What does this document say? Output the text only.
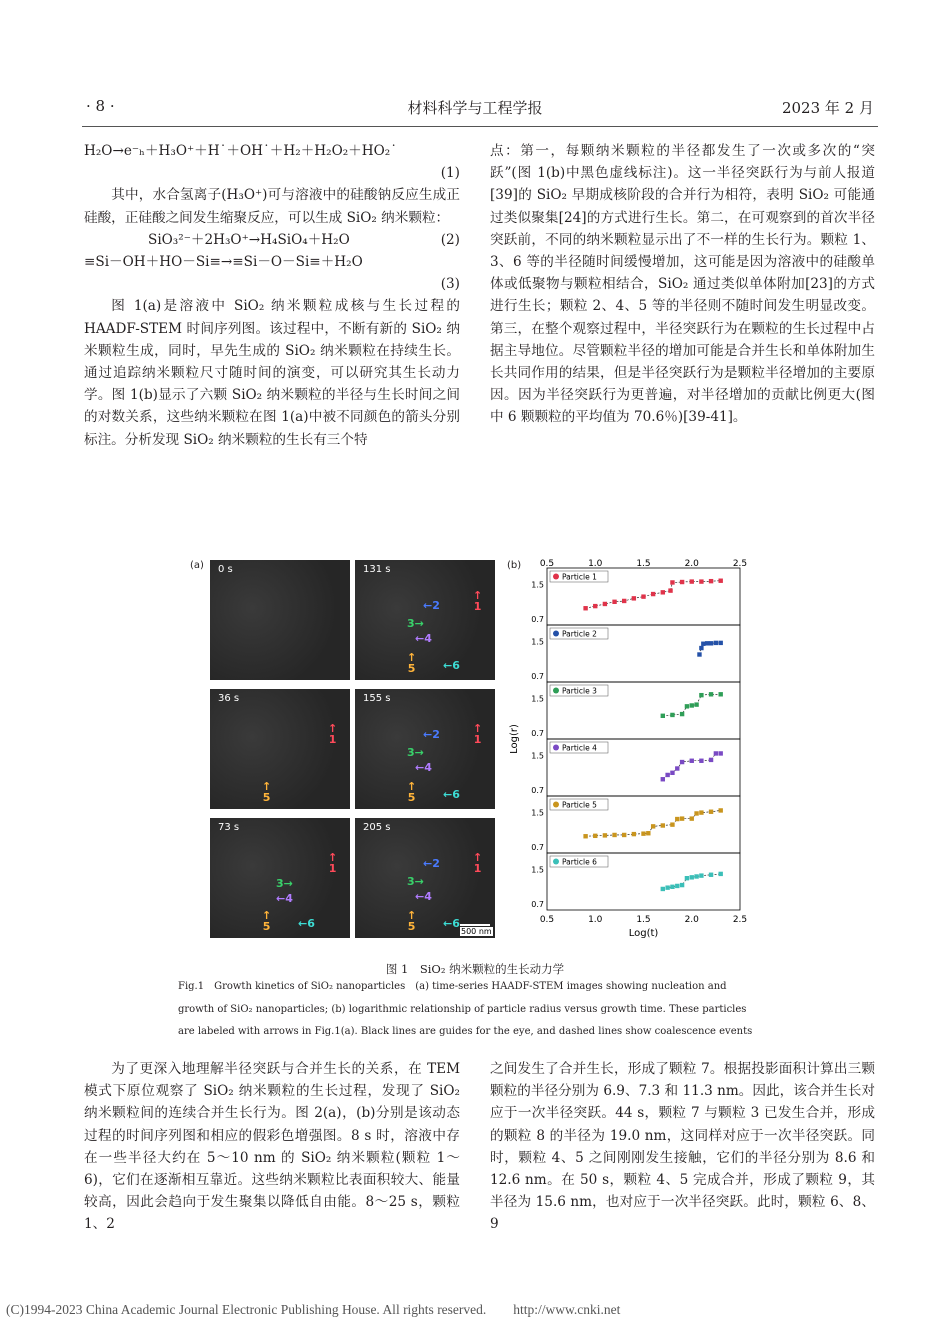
· 8 ·	材料科学与工程学报	2023 年 2 月
H₂O→e⁻ₕ＋H₃O⁺＋H˙＋OH˙＋H₂＋H₂O₂＋HO₂˙
(1)

其中，水合氢离子(H₃O⁺)可与溶液中的硅酸钠反应生成正硅酸，正硅酸之间发生缩聚反应，可以生成 SiO₂ 纳米颗粒：

SiO₃²⁻＋2H₃O⁺→H₄SiO₄＋H₂O	(2)
≡Si－OH＋HO－Si≡→≡Si－O－Si≡＋H₂O
(3)

图 1(a)是溶液中 SiO₂ 纳米颗粒成核与生长过程的 HAADF-STEM 时间序列图。该过程中，不断有新的 SiO₂ 纳米颗粒生成，同时，早先生成的 SiO₂ 纳米颗粒在持续生长。通过追踪纳米颗粒尺寸随时间的演变，可以研究其生长动力学。图 1(b)显示了六颗 SiO₂ 纳米颗粒的半径与生长时间之间的对数关系，这些纳米颗粒在图 1(a)中被不同颜色的箭头分别标注。分析发现 SiO₂ 纳米颗粒的生长有三个特

点：第一，每颗纳米颗粒的半径都发生了一次或多次的“突跃”(图 1(b)中黑色虚线标注)。这一半径突跃行为与前人报道[39]的 SiO₂ 早期成核阶段的合并行为相符，表明 SiO₂ 可能通过类似聚集[24]的方式进行生长。第二，在可观察到的首次半径突跃前，不同的纳米颗粒显示出了不一样的生长行为。颗粒 1、3、6 等的半径随时间缓慢增加，这可能是因为溶液中的硅酸单体或低聚物与颗粒相结合，SiO₂ 通过类似单体附加[23]的方式进行生长；颗粒 2、4、5 等的半径则不随时间发生明显改变。第三，在整个观察过程中，半径突跃行为在颗粒的生长过程中占据主导地位。尽管颗粒半径的增加可能是合并生长和单体附加生长共同作用的结果，但是半径突跃行为是颗粒半径增加的主要原因。因为半径突跃行为更普遍，对半径增加的贡献比例更大(图中 6 颗颗粒的平均值为 70.6％)[39-41]。

(a)	(b)
0 s	131 s
↑
1
←2
3→
←4
↑
5	←6
36 s
↑
1
↑
5
155 s
↑
1
←2
3→
←4
↑
5	←6
73 s
↑
1
3→
←4
↑
5	←6
205 s
↑
1
←2
3→
←4
↑
5	←6
500 nm
0.5
0.5
1.0
1.0
1.5
1.5
2.0
2.0
2.5
2.5
0.7
1.5
Particle 1
0.7
1.5
Particle 2
0.7
1.5
Particle 3
0.7
1.5
Particle 4
0.7
1.5
Particle 5
0.7
1.5
Particle 6
Log(t)
Log(r)
图 1　SiO₂ 纳米颗粒的生长动力学
Fig.1　Growth kinetics of SiO₂ nanoparticles　(a) time-series HAADF-STEM images showing nucleation and
growth of SiO₂ nanoparticles; (b) logarithmic relationship of particle radius versus growth time. These particles
are labeled with arrows in Fig.1(a). Black lines are guides for the eye, and dashed lines show coalescence events

为了更深入地理解半径突跃与合并生长的关系，在 TEM 模式下原位观察了 SiO₂ 纳米颗粒的生长过程，发现了 SiO₂ 纳米颗粒间的连续合并生长行为。图 2(a)，(b)分别是该动态过程的时间序列图和相应的假彩色增强图。8 s 时，溶液中存在一些半径大约在 5～10 nm 的 SiO₂ 纳米颗粒(颗粒 1～6)，它们在逐渐相互靠近。这些纳米颗粒比表面积较大、能量较高，因此会趋向于发生聚集以降低自由能。8～25 s，颗粒 1、2

之间发生了合并生长，形成了颗粒 7。根据投影面积计算出三颗颗粒的半径分别为 6.9、7.3 和 11.3 nm。因此，该合并生长对应于一次半径突跃。44 s，颗粒 7 与颗粒 3 已发生合并，形成的颗粒 8 的半径为 19.0 nm，这同样对应于一次半径突跃。同时，颗粒 4、5 之间刚刚发生接触，它们的半径分别为 8.6 和 12.6 nm。在 50 s，颗粒 4、5 完成合并，形成了颗粒 9，其半径为 15.6 nm，也对应于一次半径突跃。此时，颗粒 6、8、9

(C)1994-2023 China Academic Journal Electronic Publishing House. All rights reserved.　　http://www.cnki.net
